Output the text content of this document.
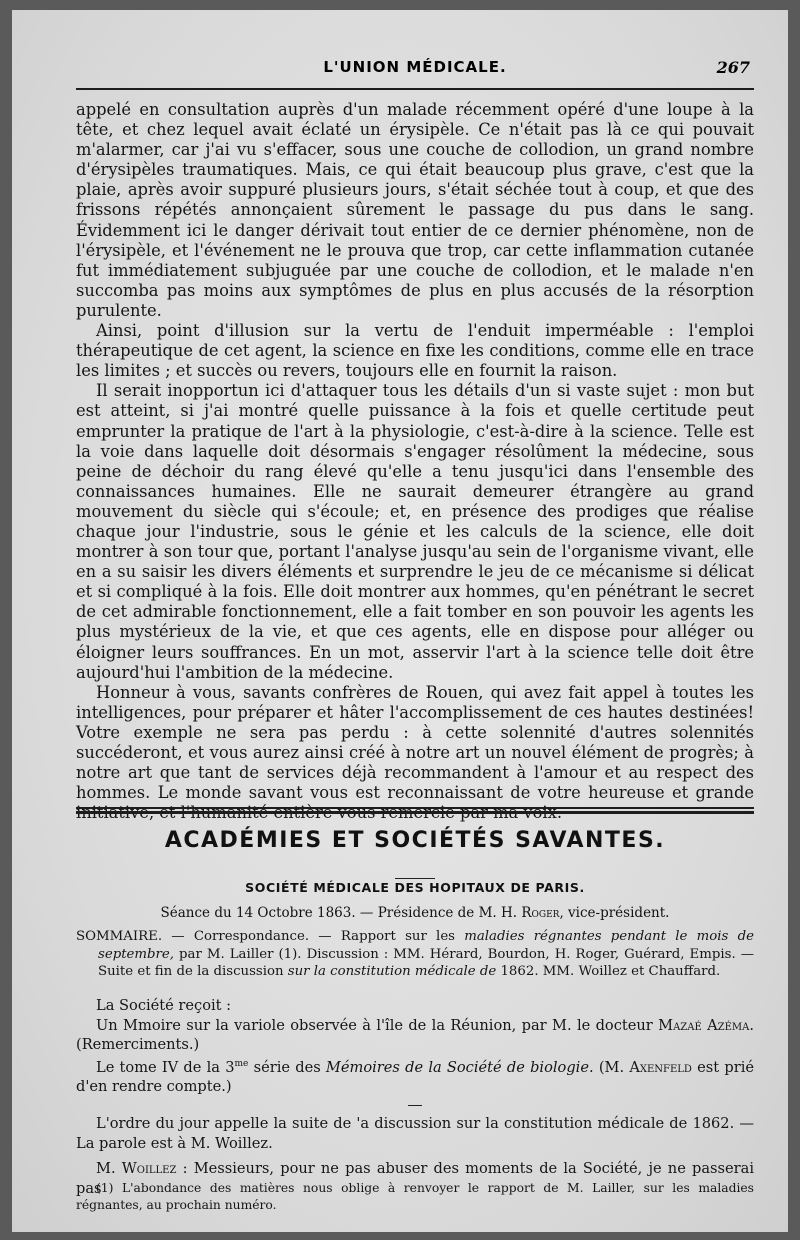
L'UNION MÉDICALE.	267

appelé en consultation auprès d'un malade récemment opéré d'une loupe à la tête, et chez lequel avait éclaté un érysipèle. Ce n'était pas là ce qui pouvait m'alarmer, car j'ai vu s'effacer, sous une couche de collodion, un grand nombre d'érysipèles traumatiques. Mais, ce qui était beaucoup plus grave, c'est que la plaie, après avoir suppuré plusieurs jours, s'était séchée tout à coup, et que des frissons répétés annonçaient sûrement le passage du pus dans le sang. Évidemment ici le danger dérivait tout entier de ce dernier phénomène, non de l'érysipèle, et l'événement ne le prouva que trop, car cette inflammation cutanée fut immédiatement subjuguée par une couche de collodion, et le malade n'en succomba pas moins aux symptômes de plus en plus accusés de la résorption purulente.

Ainsi, point d'illusion sur la vertu de l'enduit imperméable : l'emploi thérapeutique de cet agent, la science en fixe les conditions, comme elle en trace les limites ; et succès ou revers, toujours elle en fournit la raison.

Il serait inopportun ici d'attaquer tous les détails d'un si vaste sujet : mon but est atteint, si j'ai montré quelle puissance à la fois et quelle certitude peut emprunter la pratique de l'art à la physiologie, c'est-à-dire à la science. Telle est la voie dans laquelle doit désormais s'engager résolûment la médecine, sous peine de déchoir du rang élevé qu'elle a tenu jusqu'ici dans l'ensemble des connaissances humaines. Elle ne saurait demeurer étrangère au grand mouvement du siècle qui s'écoule; et, en présence des prodiges que réalise chaque jour l'industrie, sous le génie et les calculs de la science, elle doit montrer à son tour que, portant l'analyse jusqu'au sein de l'organisme vivant, elle en a su saisir les divers éléments et surprendre le jeu de ce mécanisme si délicat et si compliqué à la fois. Elle doit montrer aux hommes, qu'en pénétrant le secret de cet admirable fonctionnement, elle a fait tomber en son pouvoir les agents les plus mystérieux de la vie, et que ces agents, elle en dispose pour alléger ou éloigner leurs souffrances. En un mot, asservir l'art à la science telle doit être aujourd'hui l'ambition de la médecine.

Honneur à vous, savants confrères de Rouen, qui avez fait appel à toutes les intelligences, pour préparer et hâter l'accomplissement de ces hautes destinées! Votre exemple ne sera pas perdu : à cette solennité d'autres solennités succéderont, et vous aurez ainsi créé à notre art un nouvel élément de progrès; à notre art que tant de services déjà recommandent à l'amour et au respect des hommes. Le monde savant vous est reconnaissant de votre heureuse et grande

ACADÉMIES ET SOCIÉTÉS SAVANTES.
SOCIÉTÉ MÉDICALE DES HOPITAUX DE PARIS.
Séance du 14 Octobre 1863. — Présidence de M. H. Roger, vice-président.
SOMMAIRE. — Correspondance. — Rapport sur les maladies régnantes pendant le mois de septembre, par M. Lailler (1). Discussion : MM. Hérard, Bourdon, H. Roger, Guérard, Empis. — Suite et fin de la discussion sur la constitution médicale de 1862. MM. Woillez et Chauffard.

La Société reçoit :

Un Mmoire sur la variole observée à l'île de la Réunion, par M. le docteur Mazaé Azéma. (Remerciments.)

Le tome IV de la $3^{me}$ série des Mémoires de la Société de biologie. (M. Axenfeld est prié d'en rendre compte.)

L'ordre du jour appelle la suite de 'a discussion sur la constitution médicale de 1862. — La parole est à M. Woillez.

M. Woillez : Messieurs, pour ne pas abuser des moments de la Société, je ne passerai pas

(1) L'abondance des matières nous oblige à renvoyer le rapport de M. Lailler, sur les maladies régnantes, au prochain numéro.
